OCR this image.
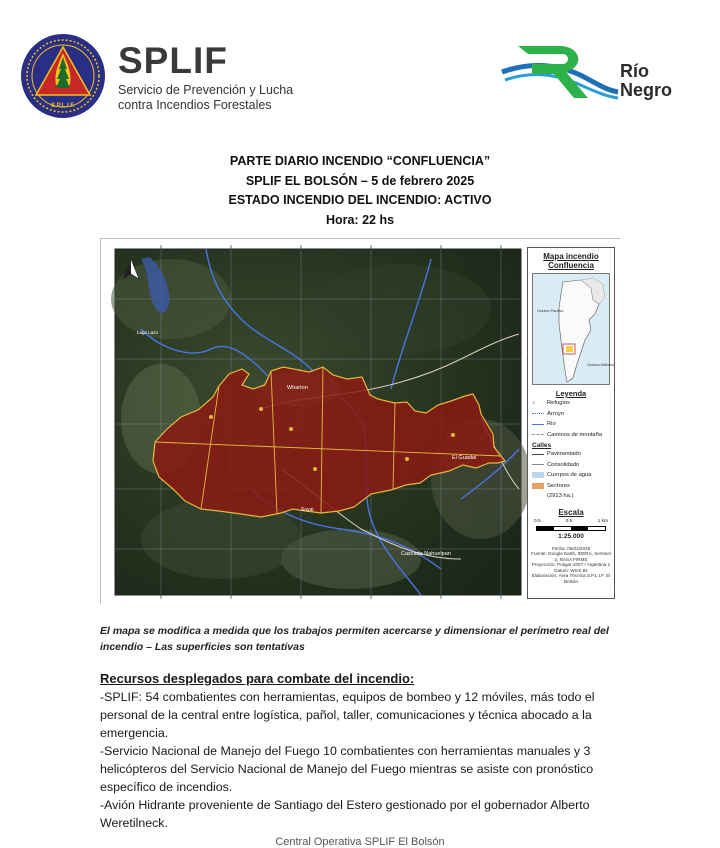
S.P.L.I.F.
SPLIF
Servicio de Prevención y Lucha
contra Incendios Forestales
Río
Negro
PARTE DIARIO INCENDIO “CONFLUENCIA”
SPLIF EL BOLSÓN – 5 de febrero 2025
ESTADO INCENDIO DEL INCENDIO: ACTIVO
Hora: 22 hs
Wharton
El Guadal
Cascada Nahuelpan
Suyai
Lago Lazo
Mapa incendio
Confluencia
Océano Pacífico
Océano Atlántico
Leyenda
⌂	Refugios
Arroyo
Rio
Caminos de montaña
Calles
Pavimentado
Consolidado
Cuerpos de agua
Sectores
(2913 ha.)
Escala
0.5	0.5	1 km
1:25.000
Fecha: 05/02/2025
Fuente: Google Earth, IDERA, Sentinel
2, NASA FIRMS
Proyección: Posgar 2007 / Argentina 1
Datum: WGS 84
Elaboración: Área Técnica S.P.L.I.F. El
Bolsón
El mapa se modifica a medida que los trabajos permiten acercarse y dimensionar el perímetro real del incendio – Las superficies son tentativas
Recursos desplegados para combate del incendio:
-SPLIF: 54 combatientes con herramientas, equipos de bombeo y 12 móviles, más todo el personal de la central entre logística, pañol, taller, comunicaciones y técnica abocado a la emergencia.
-Servicio Nacional de Manejo del Fuego 10 combatientes con herramientas manuales y 3 helicópteros del Servicio Nacional de Manejo del Fuego mientras se asiste con pronóstico específico de incendios.
-Avión Hidrante proveniente de Santiago del Estero gestionado por el gobernador Alberto Weretilneck.
Central Operativa SPLIF El Bolsón
